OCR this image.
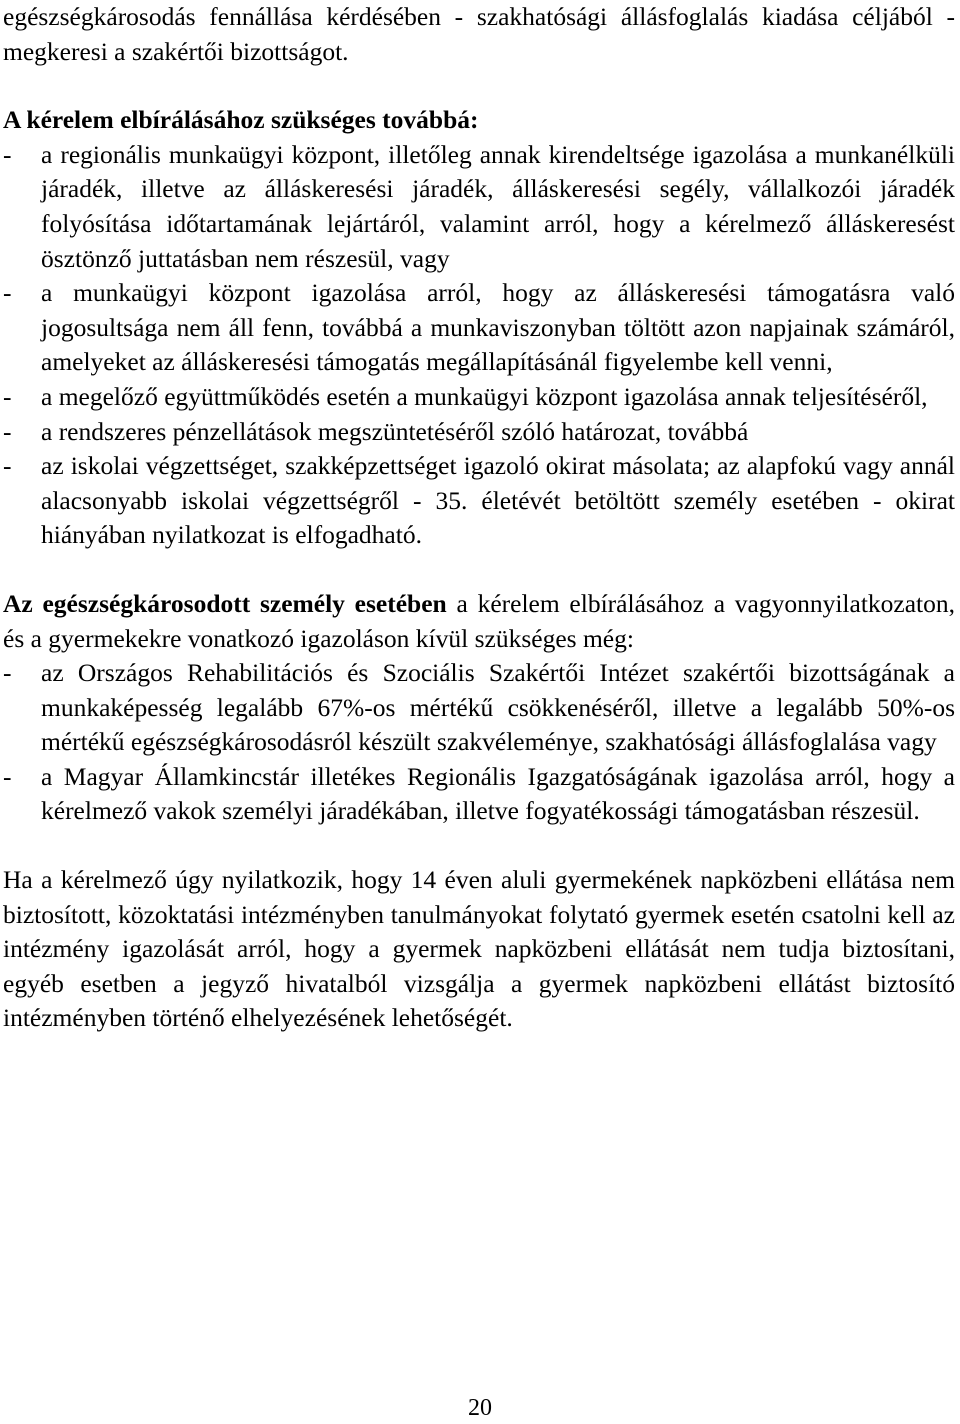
egészségkárosodás fennállása kérdésében - szakhatósági állásfoglalás kiadása céljából - megkeresi a szakértői bizottságot.

A kérelem elbírálásához szükséges továbbá:

- a regionális munkaügyi központ, illetőleg annak kirendeltsége igazolása a munkanélküli járadék, illetve az álláskeresési járadék, álláskeresési segély, vállalkozói járadék folyósítása időtartamának lejártáról, valamint arról, hogy a kérelmező álláskeresést ösztönző juttatásban nem részesül, vagy
- a munkaügyi központ igazolása arról, hogy az álláskeresési támogatásra való jogosultsága nem áll fenn, továbbá a munkaviszonyban töltött azon napjainak számáról, amelyeket az álláskeresési támogatás megállapításánál figyelembe kell venni,
- a megelőző együttműködés esetén a munkaügyi központ igazolása annak teljesítéséről,
- a rendszeres pénzellátások megszüntetéséről szóló határozat, továbbá
- az iskolai végzettséget, szakképzettséget igazoló okirat másolata; az alapfokú vagy annál alacsonyabb iskolai végzettségről - 35. életévét betöltött személy esetében - okirat hiányában nyilatkozat is elfogadható.

Az egészségkárosodott személy esetében a kérelem elbírálásához a vagyonnyilatkozaton, és a gyermekekre vonatkozó igazoláson kívül szükséges még:

- az Országos Rehabilitációs és Szociális Szakértői Intézet szakértői bizottságának a munkaképesség legalább 67%-os mértékű csökkenéséről, illetve a legalább 50%-os mértékű egészségkárosodásról készült szakvéleménye, szakhatósági állásfoglalása vagy
- a Magyar Államkincstár illetékes Regionális Igazgatóságának igazolása arról, hogy a kérelmező vakok személyi járadékában, illetve fogyatékossági támogatásban részesül.

Ha a kérelmező úgy nyilatkozik, hogy 14 éven aluli gyermekének napközbeni ellátása nem biztosított, közoktatási intézményben tanulmányokat folytató gyermek esetén csatolni kell az intézmény igazolását arról, hogy a gyermek napközbeni ellátását nem tudja biztosítani, egyéb esetben a jegyző hivatalból vizsgálja a gyermek napközbeni ellátást biztosító intézményben történő elhelyezésének lehetőségét.

20
